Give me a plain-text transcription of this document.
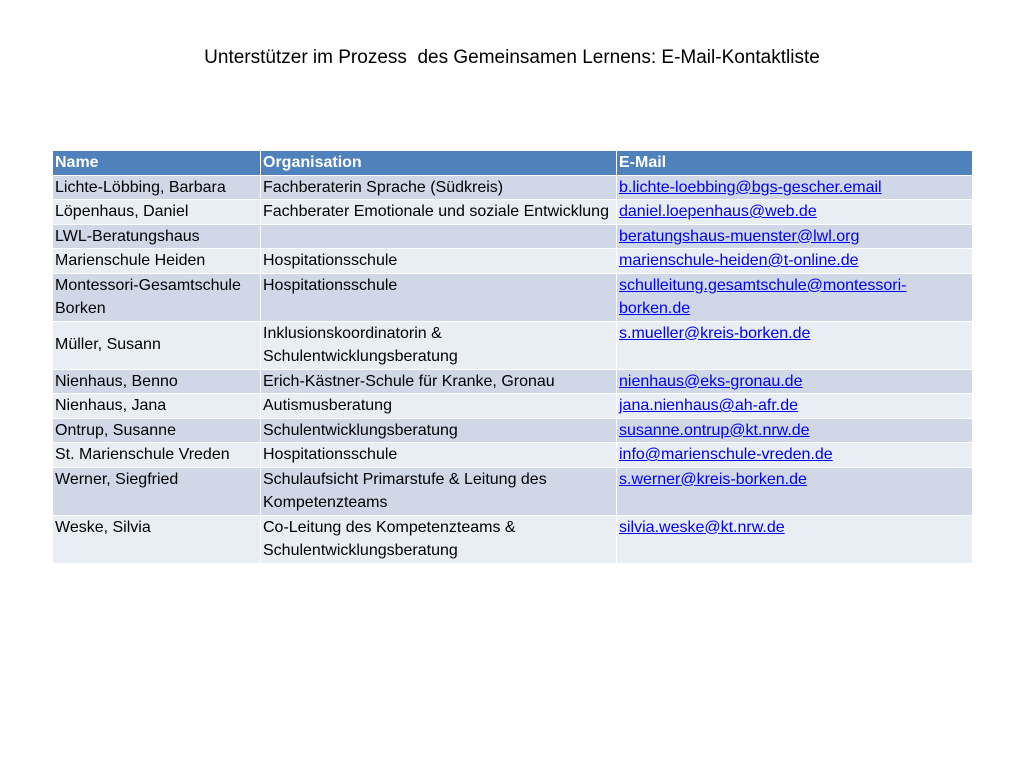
Unterstützer im Prozess  des Gemeinsamen Lernens: E-Mail-Kontaktliste
Name	Organisation	E-Mail
Lichte-Löbbing, Barbara	Fachberaterin Sprache (Südkreis)	b.lichte-loebbing@bgs-gescher.email
Löpenhaus, Daniel	Fachberater Emotionale und soziale Entwicklung	daniel.loepenhaus@web.de
LWL-Beratungshaus		beratungshaus-muenster@lwl.org
Marienschule Heiden	Hospitationsschule	marienschule-heiden@t-online.de
Montessori-Gesamtschule Borken	Hospitationsschule	schulleitung.gesamtschule@montessori-borken.de
Müller, Susann	Inklusionskoordinatorin & Schulentwicklungsberatung	s.mueller@kreis-borken.de
Nienhaus, Benno	Erich-Kästner-Schule für Kranke, Gronau	nienhaus@eks-gronau.de
Nienhaus, Jana	Autismusberatung	jana.nienhaus@ah-afr.de
Ontrup, Susanne	Schulentwicklungsberatung	susanne.ontrup@kt.nrw.de
St. Marienschule Vreden	Hospitationsschule	info@marienschule-vreden.de
Werner, Siegfried	Schulaufsicht Primarstufe & Leitung des Kompetenzteams	s.werner@kreis-borken.de
Weske, Silvia	Co-Leitung des Kompetenzteams & Schulentwicklungsberatung	silvia.weske@kt.nrw.de
